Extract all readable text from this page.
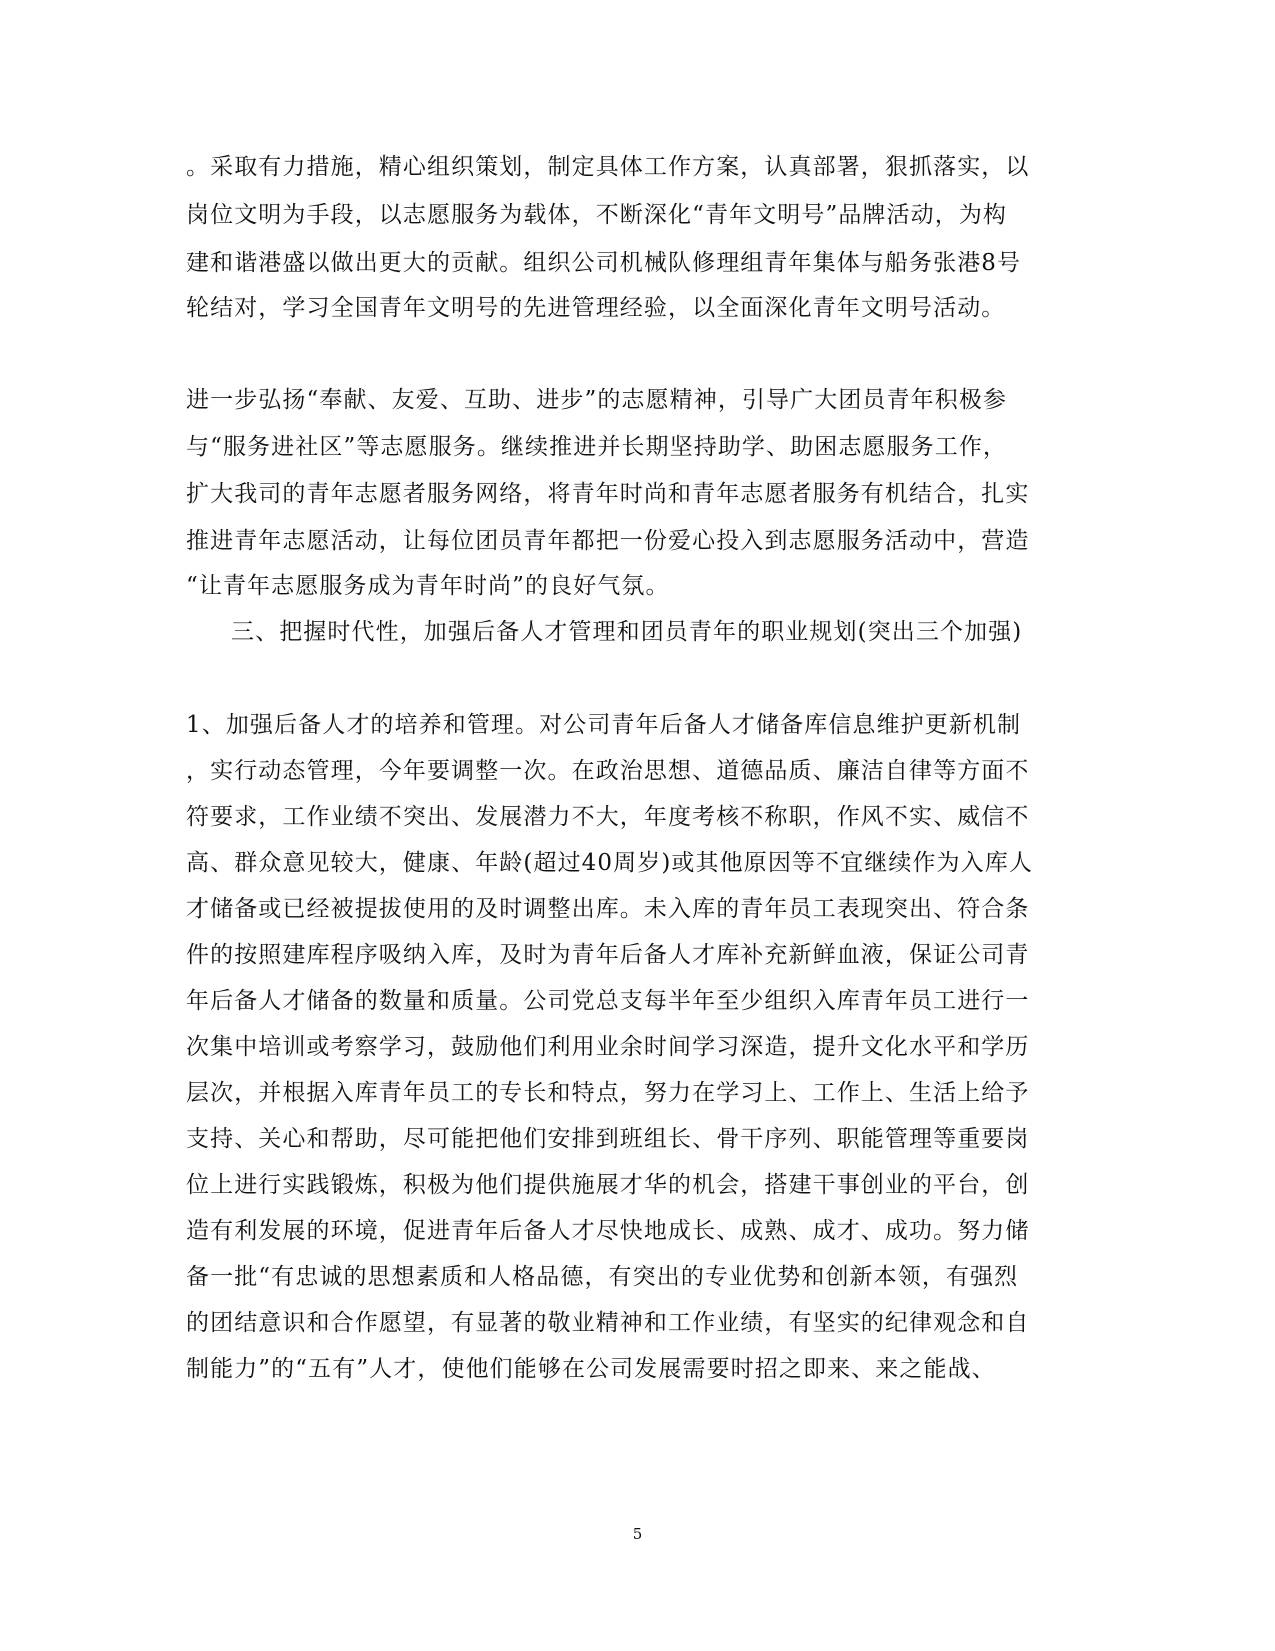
。采取有力措施，精心组织策划，制定具体工作方案，认真部署，狠抓落实，以
岗位文明为手段，以志愿服务为载体，不断深化“青年文明号”品牌活动，为构
建和谐港盛以做出更大的贡献。组织公司机械队修理组青年集体与船务张港8号
轮结对，学习全国青年文明号的先进管理经验，以全面深化青年文明号活动。
进一步弘扬“奉献、友爱、互助、进步”的志愿精神，引导广大团员青年积极参
与“服务进社区”等志愿服务。继续推进并长期坚持助学、助困志愿服务工作，
扩大我司的青年志愿者服务网络，将青年时尚和青年志愿者服务有机结合，扎实
推进青年志愿活动，让每位团员青年都把一份爱心投入到志愿服务活动中，营造
“让青年志愿服务成为青年时尚”的良好气氛。
三、把握时代性，加强后备人才管理和团员青年的职业规划(突出三个加强)
1、加强后备人才的培养和管理。对公司青年后备人才储备库信息维护更新机制
，实行动态管理，今年要调整一次。在政治思想、道德品质、廉洁自律等方面不
符要求，工作业绩不突出、发展潜力不大，年度考核不称职，作风不实、威信不
高、群众意见较大，健康、年龄(超过40周岁)或其他原因等不宜继续作为入库人
才储备或已经被提拔使用的及时调整出库。未入库的青年员工表现突出、符合条
件的按照建库程序吸纳入库，及时为青年后备人才库补充新鲜血液，保证公司青
年后备人才储备的数量和质量。公司党总支每半年至少组织入库青年员工进行一
次集中培训或考察学习，鼓励他们利用业余时间学习深造，提升文化水平和学历
层次，并根据入库青年员工的专长和特点，努力在学习上、工作上、生活上给予
支持、关心和帮助，尽可能把他们安排到班组长、骨干序列、职能管理等重要岗
位上进行实践锻炼，积极为他们提供施展才华的机会，搭建干事创业的平台，创
造有利发展的环境，促进青年后备人才尽快地成长、成熟、成才、成功。努力储
备一批“有忠诚的思想素质和人格品德，有突出的专业优势和创新本领，有强烈
的团结意识和合作愿望，有显著的敬业精神和工作业绩，有坚实的纪律观念和自
制能力”的“五有”人才，使他们能够在公司发展需要时招之即来、来之能战、
5
